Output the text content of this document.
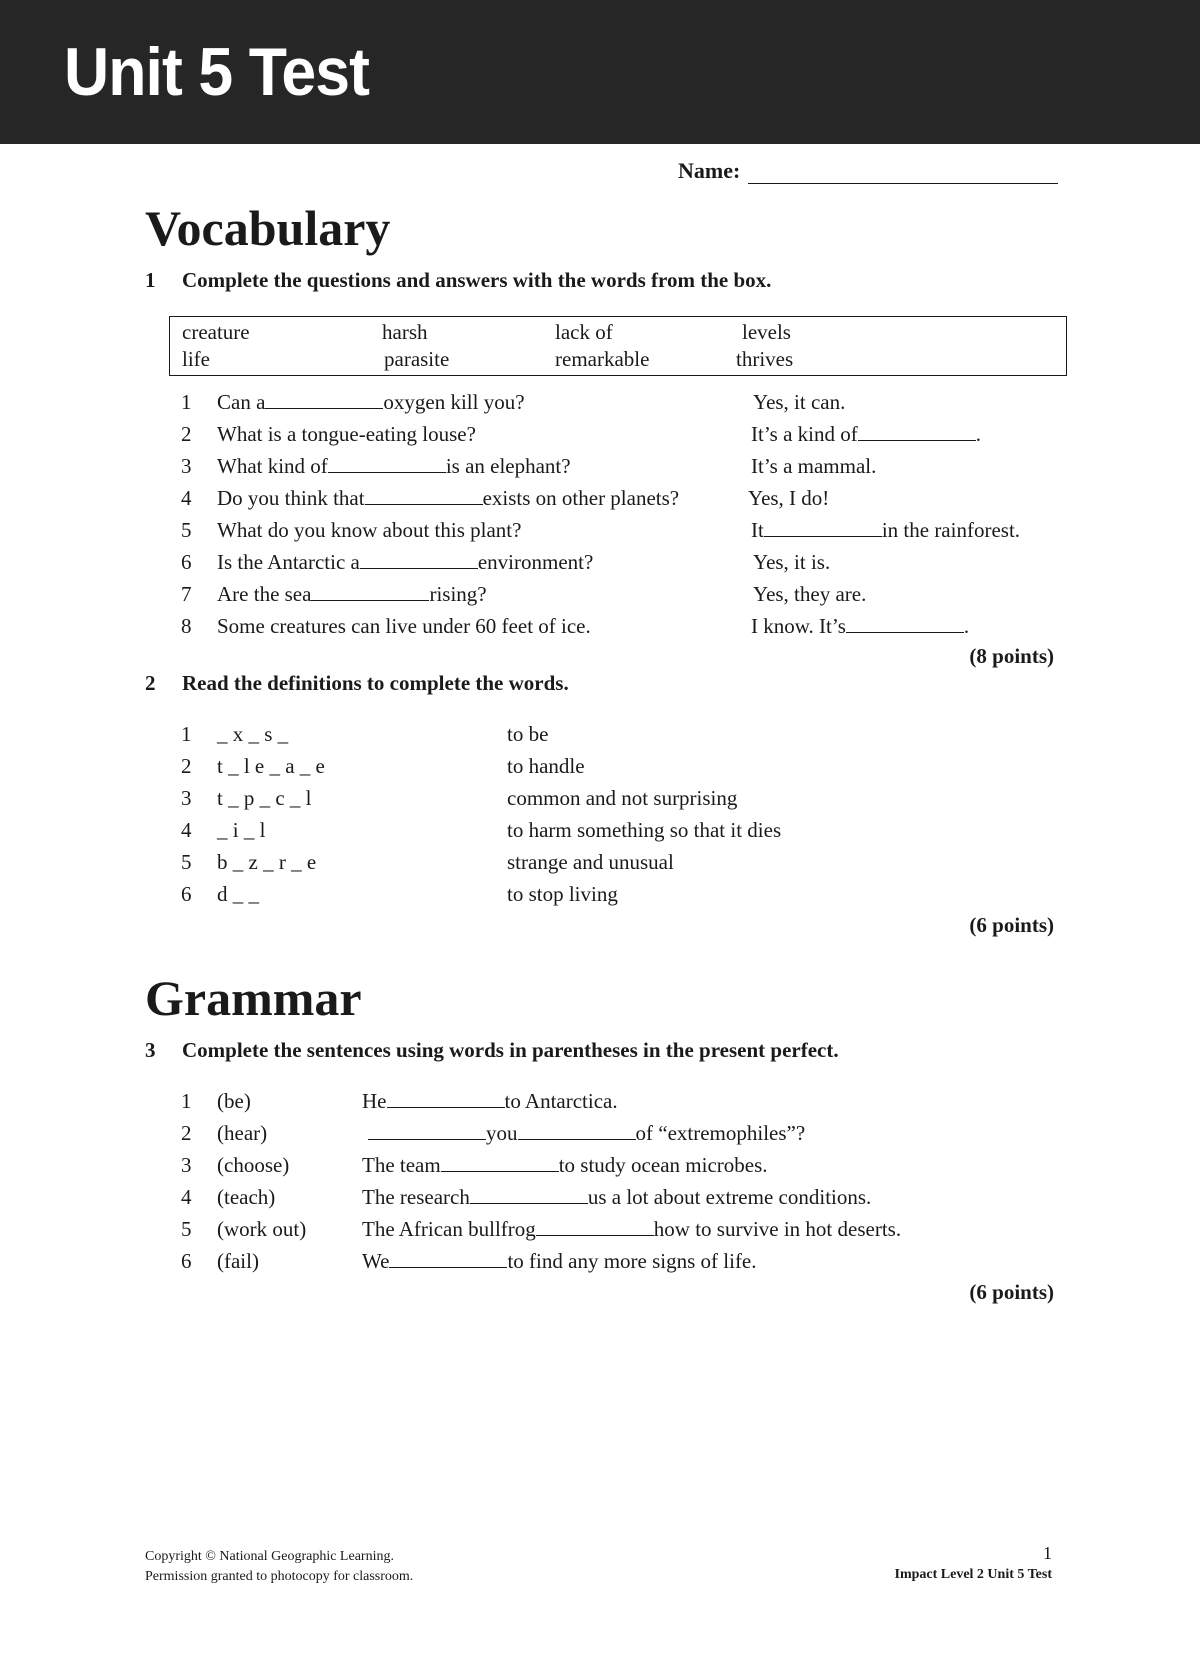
Unit 5 Test
Name:
Vocabulary
1	Complete the questions and answers with the words from the box.
creature	harsh	lack of	levels
life	parasite	remarkable	thrives
1 Can a	oxygen kill you?	Yes, it can.
2 What is a tongue-eating louse?	It’s a kind of	.
3 What kind of	is an elephant?	It’s a mammal.
4 Do you think that	exists on other planets?	Yes, I do!
5 What do you know about this plant?	It	in the rainforest.
6 Is the Antarctic a	environment?	Yes, it is.
7 Are the sea	rising?	Yes, they are.
8 Some creatures can live under 60 feet of ice.	I know. It’s	.
(8 points)
2	Read the definitions to complete the words.
1 _ x _ s _	to be
2 t _ l e _ a _ e	to handle
3 t _ p _ c _ l	common and not surprising
4 _ i _ l	to harm something so that it dies
5 b _ z _ r _ e	strange and unusual
6 d _ _	to stop living
(6 points)
Grammar
3	Complete the sentences using words in parentheses in the present perfect.
1 (be)	He	to Antarctica.
2 (hear)	you	of “extremophiles”?
3 (choose)	The team	to study ocean microbes.
4 (teach)	The research	us a lot about extreme conditions.
5 (work out)	The African bullfrog	how to survive in hot deserts.
6 (fail)	We	to find any more signs of life.
(6 points)
Copyright © National Geographic Learning.
Permission granted to photocopy for classroom.
1
Impact Level 2 Unit 5 Test
